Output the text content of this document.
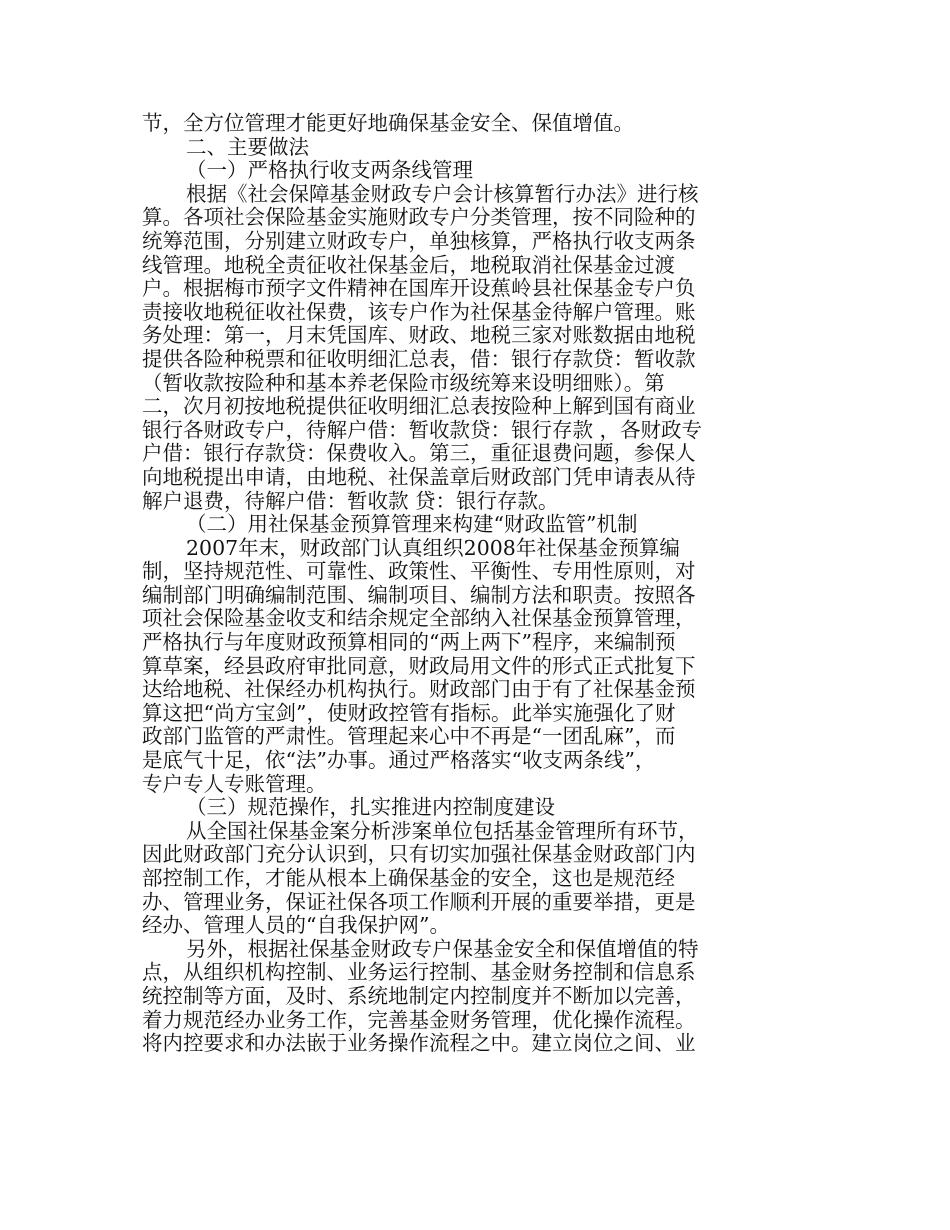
节，全方位管理才能更好地确保基金安全、保值增值。
二、主要做法
（一）严格执行收支两条线管理
根据《社会保障基金财政专户会计核算暂行办法》进行核
算。各项社会保险基金实施财政专户分类管理，按不同险种的
统筹范围，分别建立财政专户，单独核算，严格执行收支两条
线管理。地税全责征收社保基金后，地税取消社保基金过渡
户。根据梅市预字文件精神在国库开设蕉岭县社保基金专户负
责接收地税征收社保费，该专户作为社保基金待解户管理。账
务处理：第一，月末凭国库、财政、地税三家对账数据由地税
提供各险种税票和征收明细汇总表，借：银行存款贷：暂收款
（暂收款按险种和基本养老保险市级统筹来设明细账）。第
二，次月初按地税提供征收明细汇总表按险种上解到国有商业
银行各财政专户，待解户借：暂收款贷：银行存款 ，各财政专
户借：银行存款贷：保费收入。第三，重征退费问题，参保人
向地税提出申请，由地税、社保盖章后财政部门凭申请表从待
解户退费，待解户借：暂收款 贷：银行存款。
（二）用社保基金预算管理来构建“财政监管”机制
2007年末，财政部门认真组织2008年社保基金预算编
制，坚持规范性、可靠性、政策性、平衡性、专用性原则，对
编制部门明确编制范围、编制项目、编制方法和职责。按照各
项社会保险基金收支和结余规定全部纳入社保基金预算管理，
严格执行与年度财政预算相同的“两上两下”程序，来编制预
算草案，经县政府审批同意，财政局用文件的形式正式批复下
达给地税、社保经办机构执行。财政部门由于有了社保基金预
算这把“尚方宝剑”，使财政控管有指标。此举实施强化了财
政部门监管的严肃性。管理起来心中不再是“一团乱麻”，而
是底气十足，依“法”办事。通过严格落实“收支两条线”，
专户专人专账管理。
（三）规范操作，扎实推进内控制度建设
从全国社保基金案分析涉案单位包括基金管理所有环节，
因此财政部门充分认识到，只有切实加强社保基金财政部门内
部控制工作，才能从根本上确保基金的安全，这也是规范经
办、管理业务，保证社保各项工作顺利开展的重要举措，更是
经办、管理人员的“自我保护网”。
另外，根据社保基金财政专户保基金安全和保值增值的特
点，从组织机构控制、业务运行控制、基金财务控制和信息系
统控制等方面，及时、系统地制定内控制度并不断加以完善，
着力规范经办业务工作，完善基金财务管理，优化操作流程。
将内控要求和办法嵌于业务操作流程之中。建立岗位之间、业
